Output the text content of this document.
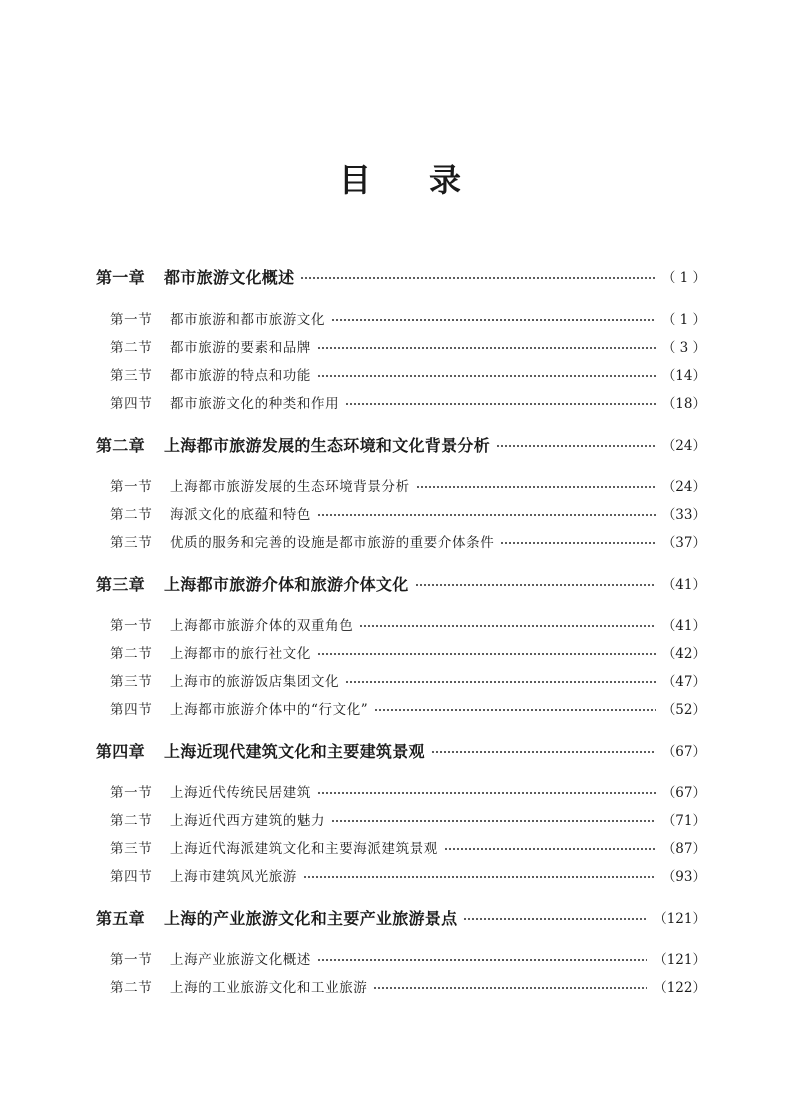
目 录
第一章 都市旅游文化概述	（ 1 ）
第一节 都市旅游和都市旅游文化	（ 1 ）
第二节 都市旅游的要素和品牌	（ 3 ）
第三节 都市旅游的特点和功能	（14）
第四节 都市旅游文化的种类和作用	（18）
第二章 上海都市旅游发展的生态环境和文化背景分析	（24）
第一节 上海都市旅游发展的生态环境背景分析	（24）
第二节 海派文化的底蕴和特色	（33）
第三节 优质的服务和完善的设施是都市旅游的重要介体条件	（37）
第三章 上海都市旅游介体和旅游介体文化	（41）
第一节 上海都市旅游介体的双重角色	（41）
第二节 上海都市的旅行社文化	（42）
第三节 上海市的旅游饭店集团文化	（47）
第四节 上海都市旅游介体中的“行文化”	（52）
第四章 上海近现代建筑文化和主要建筑景观	（67）
第一节 上海近代传统民居建筑	（67）
第二节 上海近代西方建筑的魅力	（71）
第三节 上海近代海派建筑文化和主要海派建筑景观	（87）
第四节 上海市建筑风光旅游	（93）
第五章 上海的产业旅游文化和主要产业旅游景点	（121）
第一节 上海产业旅游文化概述	（121）
第二节 上海的工业旅游文化和工业旅游	（122）
